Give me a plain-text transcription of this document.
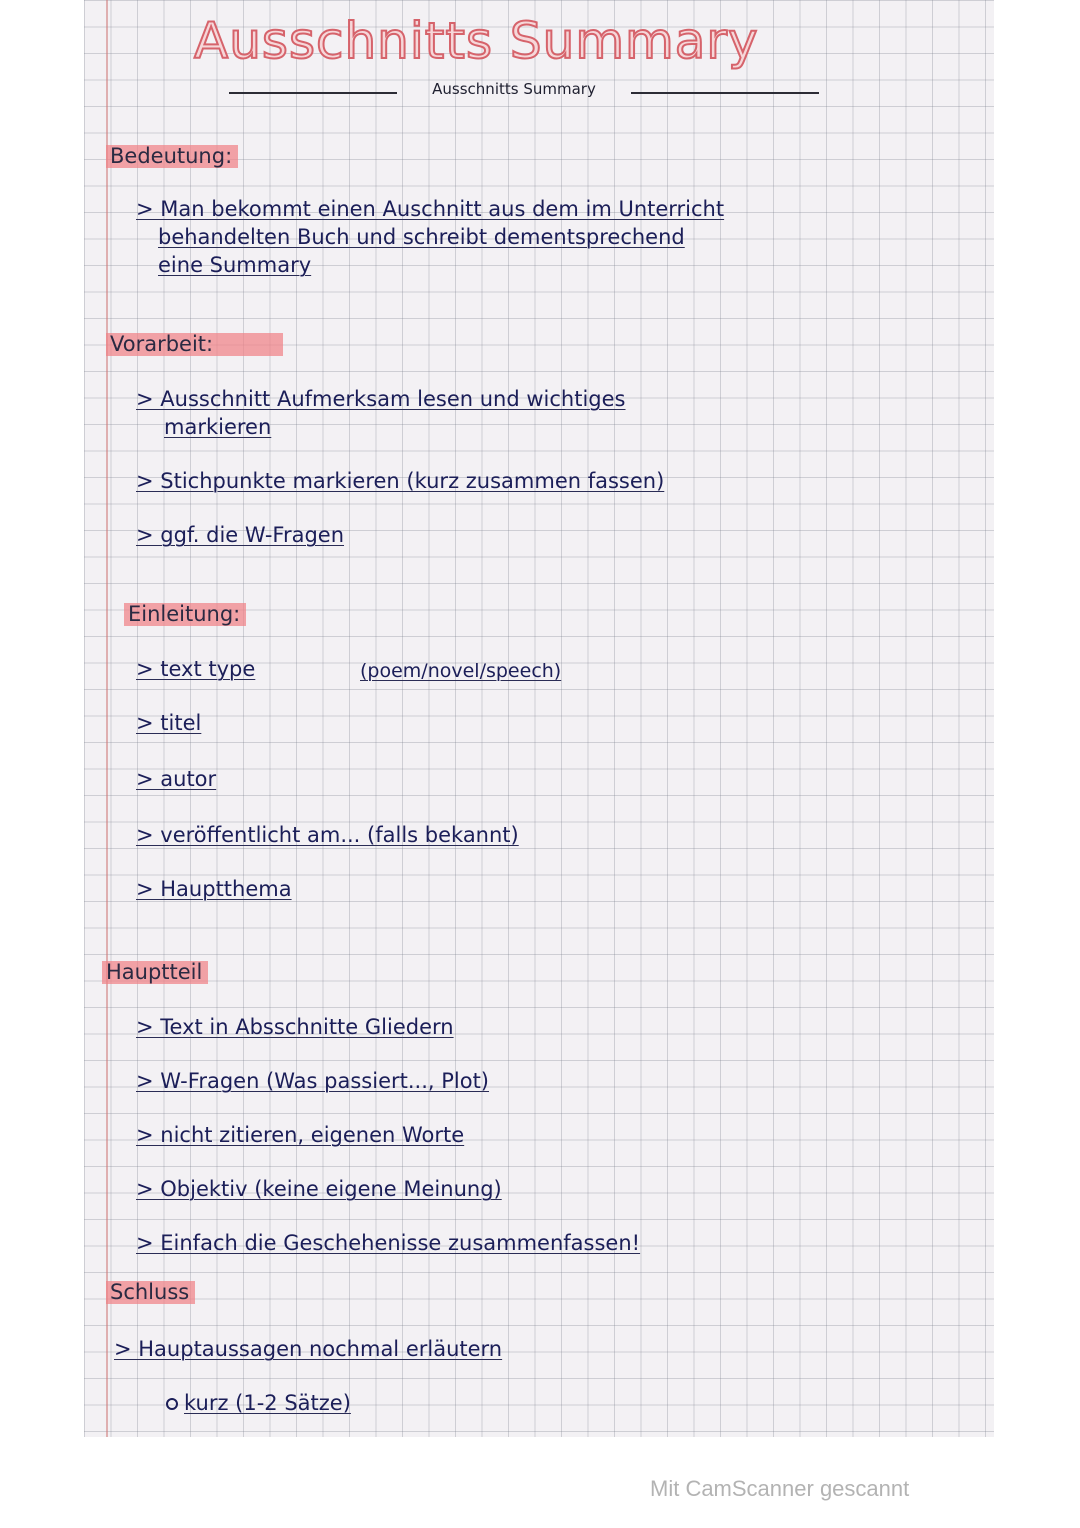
Ausschnitts Summary
Ausschnitts Summary
Bedeutung:
> Man bekommt einen Auschnitt aus dem im Unterricht
behandelten Buch und schreibt dementsprechend
eine Summary
Vorarbeit:
> Ausschnitt Aufmerksam lesen und wichtiges
markieren
> Stichpunkte markieren (kurz zusammen fassen)
> ggf. die W-Fragen
Einleitung:
> text type	(poem/novel/speech)
> titel
> autor
> veröffentlicht am... (falls bekannt)
> Hauptthema
Hauptteil
> Text in Absschnitte Gliedern
> W-Fragen (Was passiert..., Plot)
> nicht zitieren, eigenen Worte
> Objektiv (keine eigene Meinung)
> Einfach die Geschehenisse zusammenfassen!
Schluss
> Hauptaussagen nochmal erläutern
kurz (1-2 Sätze)
Mit CamScanner gescannt
